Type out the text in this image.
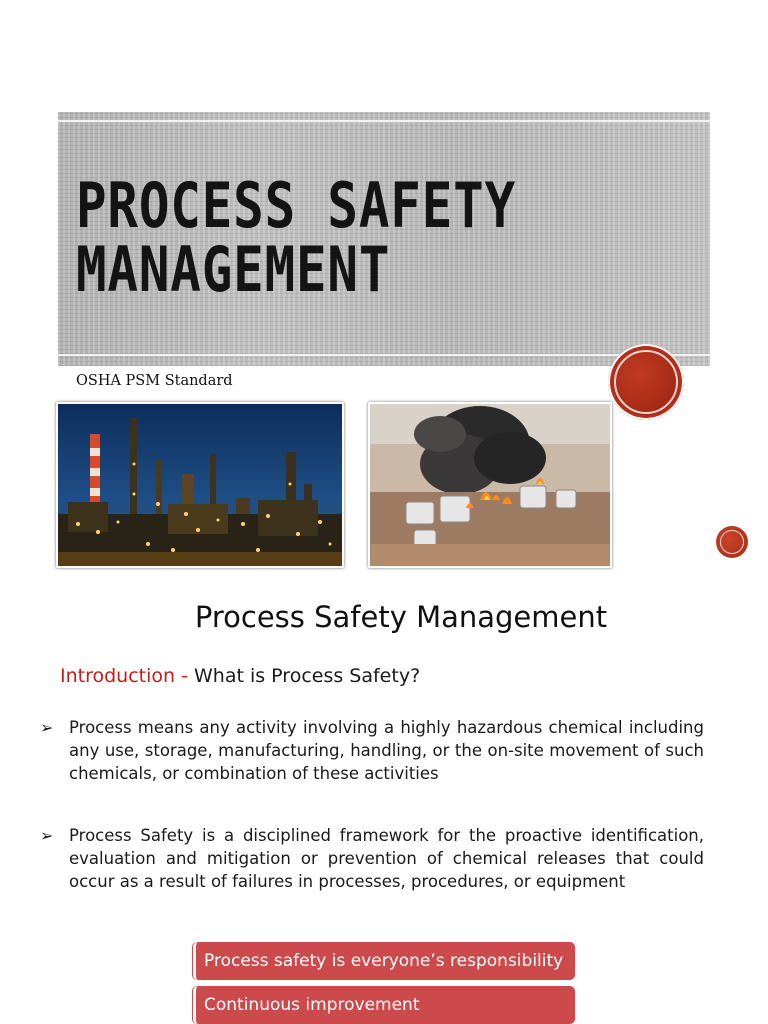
PROCESS SAFETY
MANAGEMENT
OSHA PSM Standard
Process Safety Management
Introduction - What is Process Safety?
➢ Process means any activity involving a highly hazardous chemical including any use, storage, manufacturing, handling, or the on-site movement of such chemicals, or combination of these activities
➢ Process Safety is a disciplined framework for the proactive identification, evaluation and mitigation or prevention of chemical releases that could occur as a result of failures in processes, procedures, or equipment
Process safety is everyone’s responsibility
Continuous improvement
